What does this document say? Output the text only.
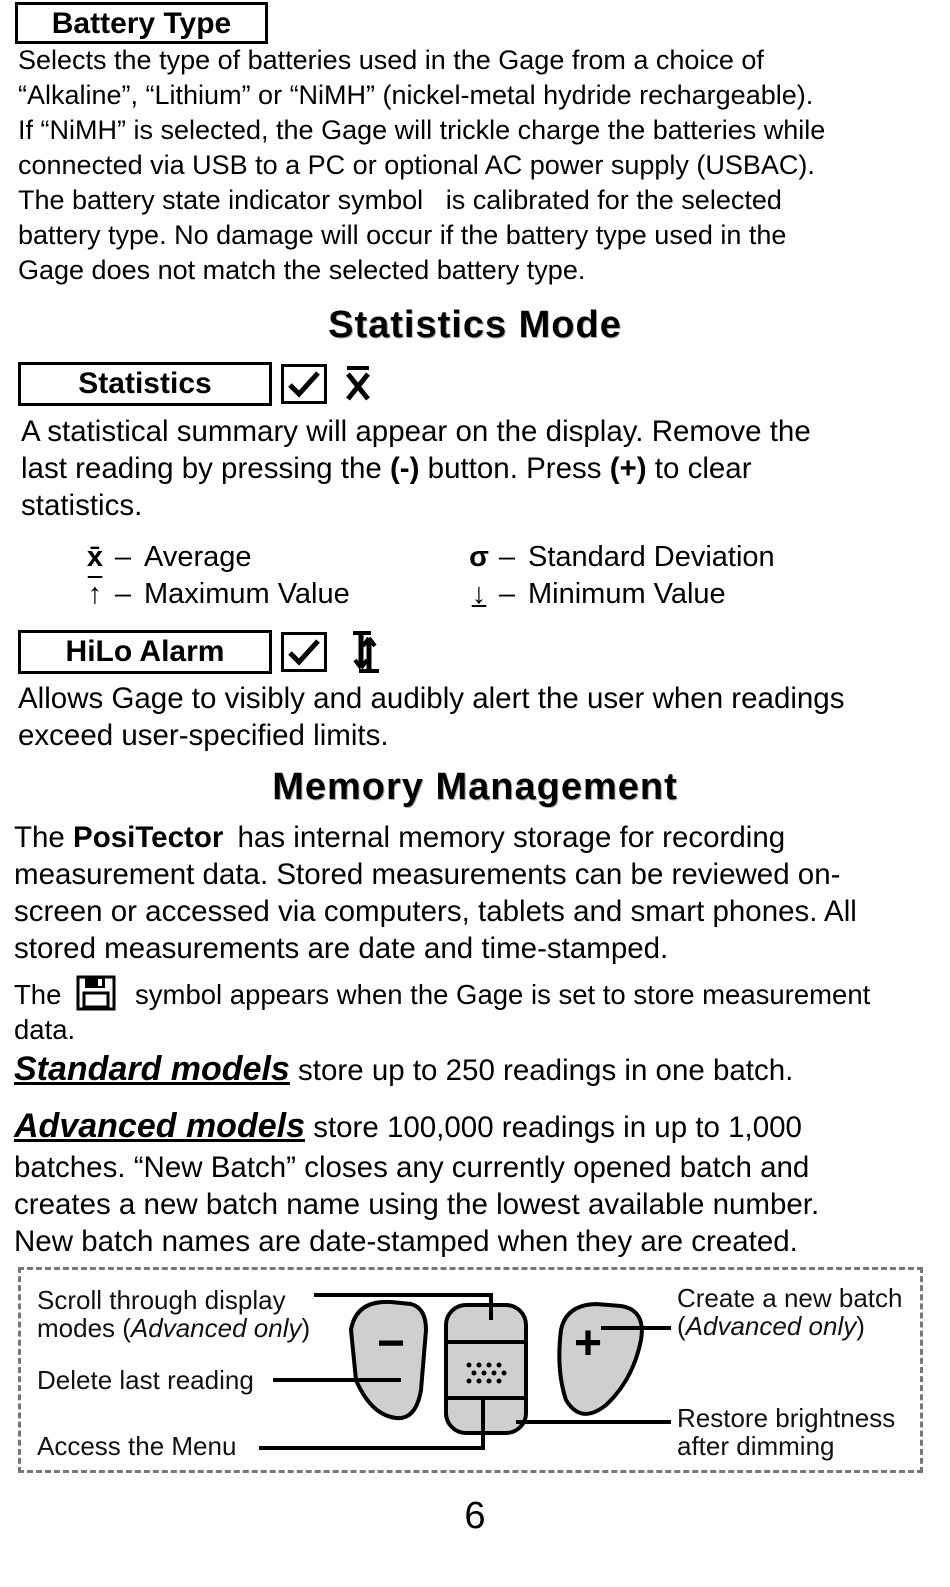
Battery Type

Selects the type of batteries used in the Gage from a choice of

“Alkaline”, “Lithium” or “NiMH” (nickel-metal hydride rechargeable).

If “NiMH” is selected, the Gage will trickle charge the batteries while

connected via USB to a PC or optional AC power supply (USBAC).

The battery state indicator symbol   is calibrated for the selected

battery type. No damage will occur if the battery type used in the

Gage does not match the selected battery type.

Statistics Mode
Statistics

A statistical summary will appear on the display. Remove the

last reading by pressing the (-) button. Press (+) to clear

statistics.

x̄ – Average	σ – Standard Deviation
↑ – Maximum Value	↓ – Minimum Value
HiLo Alarm

Allows Gage to visibly and audibly alert the user when readings

exceed user-specified limits.

Memory Management

The PosiTector has internal memory storage for recording

measurement data. Stored measurements can be reviewed on-

screen or accessed via computers, tablets and smart phones. All

stored measurements are date and time-stamped.

The	symbol appears when the Gage is set to store measurement

data.

Standard models store up to 250 readings in one batch.

Advanced models store 100,000 readings in up to 1,000

batches. “New Batch” closes any currently opened batch and

creates a new batch name using the lowest available number.

New batch names are date-stamped when they are created.

−	+
Scroll through display
modes (Advanced only)
Delete last reading
Access the Menu
Create a new batch
(Advanced only)
Restore brightness
after dimming
6
